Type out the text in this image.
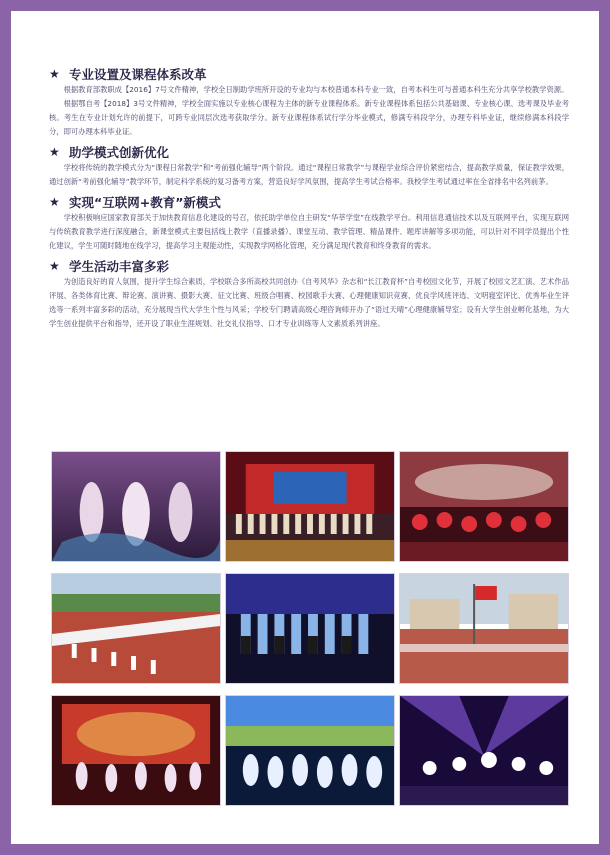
★ 专业设置及课程体系改革

根据教育部教职成【2016】7号文件精神，学校全日制助学班所开设的专业均与本校普通本科专业一致，自考本科生可与普通本科生充分共享学校教学资源。

根据鄂自考【2018】3号文件精神，学校全面实施以专业核心课程为主体的新专业课程体系。新专业课程体系包括公共基础课、专业核心课、选考课及毕业考核。考生在专业计划允许的前提下，可跨专业同层次选考获取学分。新专业课程体系试行学分毕业模式，修满专科段学分，办理专科毕业证，继续修满本科段学分，即可办理本科毕业证。

★ 助学模式创新优化

学校将传统的教学模式分为“课程日常教学”和“考前强化辅导”两个阶段。通过“课程日常教学”与课程学业综合评价紧密结合，提高教学质量，保证教学效果，通过创新“考前强化辅导”教学环节，制定科学系统的复习备考方案，营造良好学风氛围，提高学生考试合格率。我校学生考试通过率在全省排名中名列前茅。

★ 实现“互联网+教育”新模式

学校积极响应国家教育部关于加快教育信息化建设的号召，依托助学单位自主研发“华莘学堂”在线教学平台。利用信息通信技术以及互联网平台，实现互联网与传统教育教学进行深度融合，新课堂模式主要包括线上教学（直播录播）、课堂互动、教学管理、精品课件、题库讲解等多项功能，可以针对不同学员提出个性化建议，学生可随时随地在线学习，提高学习主观能动性，实现教学网格化管理，充分满足现代教育和终身教育的需求。

★ 学生活动丰富多彩

为创造良好的育人氛围，提升学生综合素质，学校联合多所高校共同创办《自考风华》杂志和“长江教育杯”自考校园文化节，开展了校园文艺汇演、艺术作品评展、各类体育比赛、辩论赛、演讲赛、摄影大赛、征文比赛、班级合唱赛、校园歌手大赛、心理健康知识竞赛、优良学风班评选、文明寝室评比、优秀毕业生评选等一系列丰富多彩的活动，充分展现当代大学生个性与风采；学校专门聘请高级心理咨询师开办了“语过天晴”心理健康辅导室；设有大学生创业孵化基地，为大学生创业提供平台和指导，还开设了职业生涯规划、社交礼仪指导、口才专业训练等人文素质系列讲座。
